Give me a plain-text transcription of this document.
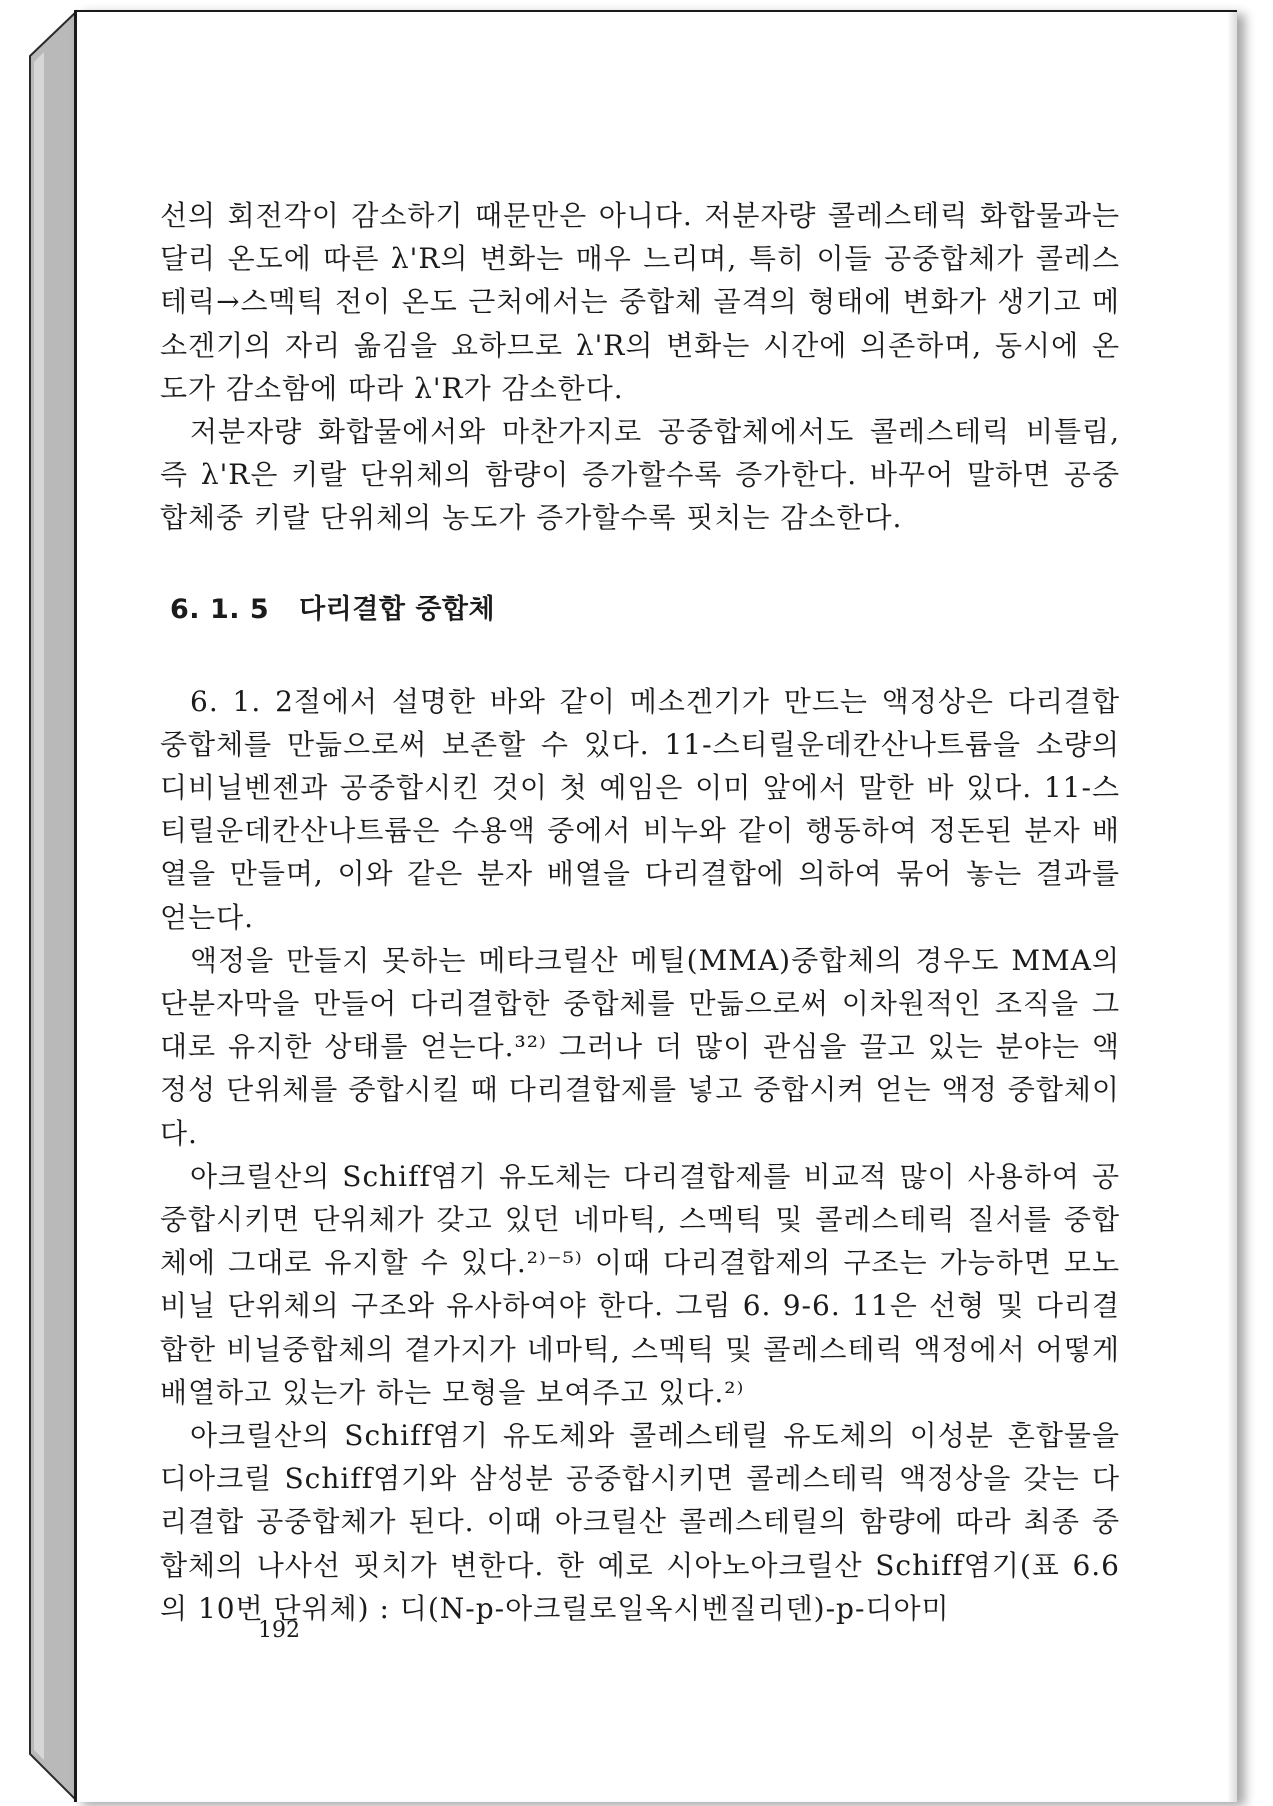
선의 회전각이 감소하기 때문만은 아니다. 저분자량 콜레스테릭 화합물과는 달리 온도에 따른 λ'R의 변화는 매우 느리며, 특히 이들 공중합체가 콜레스테릭→스멕틱 전이 온도 근처에서는 중합체 골격의 형태에 변화가 생기고 메소겐기의 자리 옮김을 요하므로 λ'R의 변화는 시간에 의존하며, 동시에 온도가 감소함에 따라 λ'R가 감소한다.

저분자량 화합물에서와 마찬가지로 공중합체에서도 콜레스테릭 비틀림, 즉 λ'R은 키랄 단위체의 함량이 증가할수록 증가한다. 바꾸어 말하면 공중합체중 키랄 단위체의 농도가 증가할수록 핏치는 감소한다.

6. 1. 5 다리결합 중합체

6. 1. 2절에서 설명한 바와 같이 메소겐기가 만드는 액정상은 다리결합 중합체를 만듦으로써 보존할 수 있다. 11-스티릴운데칸산나트륨을 소량의 디비닐벤젠과 공중합시킨 것이 첫 예임은 이미 앞에서 말한 바 있다. 11-스티릴운데칸산나트륨은 수용액 중에서 비누와 같이 행동하여 정돈된 분자 배열을 만들며, 이와 같은 분자 배열을 다리결합에 의하여 묶어 놓는 결과를 얻는다.

액정을 만들지 못하는 메타크릴산 메틸(MMA)중합체의 경우도 MMA의 단분자막을 만들어 다리결합한 중합체를 만듦으로써 이차원적인 조직을 그대로 유지한 상태를 얻는다.³²⁾ 그러나 더 많이 관심을 끌고 있는 분야는 액정성 단위체를 중합시킬 때 다리결합제를 넣고 중합시켜 얻는 액정 중합체이다.

아크릴산의 Schiff염기 유도체는 다리결합제를 비교적 많이 사용하여 공중합시키면 단위체가 갖고 있던 네마틱, 스멕틱 및 콜레스테릭 질서를 중합체에 그대로 유지할 수 있다.²⁾⁻⁵⁾ 이때 다리결합제의 구조는 가능하면 모노비닐 단위체의 구조와 유사하여야 한다. 그림 6. 9-6. 11은 선형 및 다리결합한 비닐중합체의 곁가지가 네마틱, 스멕틱 및 콜레스테릭 액정에서 어떻게 배열하고 있는가 하는 모형을 보여주고 있다.²⁾

아크릴산의 Schiff염기 유도체와 콜레스테릴 유도체의 이성분 혼합물을 디아크릴 Schiff염기와 삼성분 공중합시키면 콜레스테릭 액정상을 갖는 다리결합 공중합체가 된다. 이때 아크릴산 콜레스테릴의 함량에 따라 최종 중합체의 나사선 핏치가 변한다. 한 예로 시아노아크릴산 Schiff염기(표 6.6의 10번 단위체) : 디(N-p-아크릴로일옥시벤질리덴)-p-디아미

192
